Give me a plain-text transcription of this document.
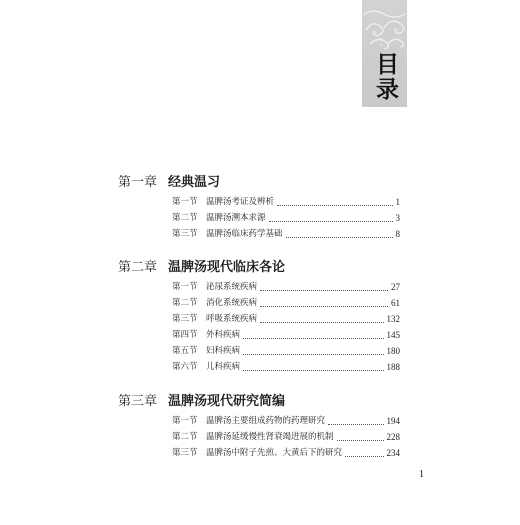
目录
第一章 经典温习
第一节 温脾汤考证及辨析	1
第二节 温脾汤溯本求源	3
第三节 温脾汤临床药学基础	8
第二章 温脾汤现代临床各论
第一节 泌尿系统疾病	27
第二节 消化系统疾病	61
第三节 呼吸系统疾病	132
第四节 外科疾病	145
第五节 妇科疾病	180
第六节 儿科疾病	188
第三章 温脾汤现代研究简编
第一节 温脾汤主要组成药物的药理研究	194
第二节 温脾汤延缓慢性肾衰竭进展的机制	228
第三节 温脾汤中附子先煎、大黄后下的研究	234
1
